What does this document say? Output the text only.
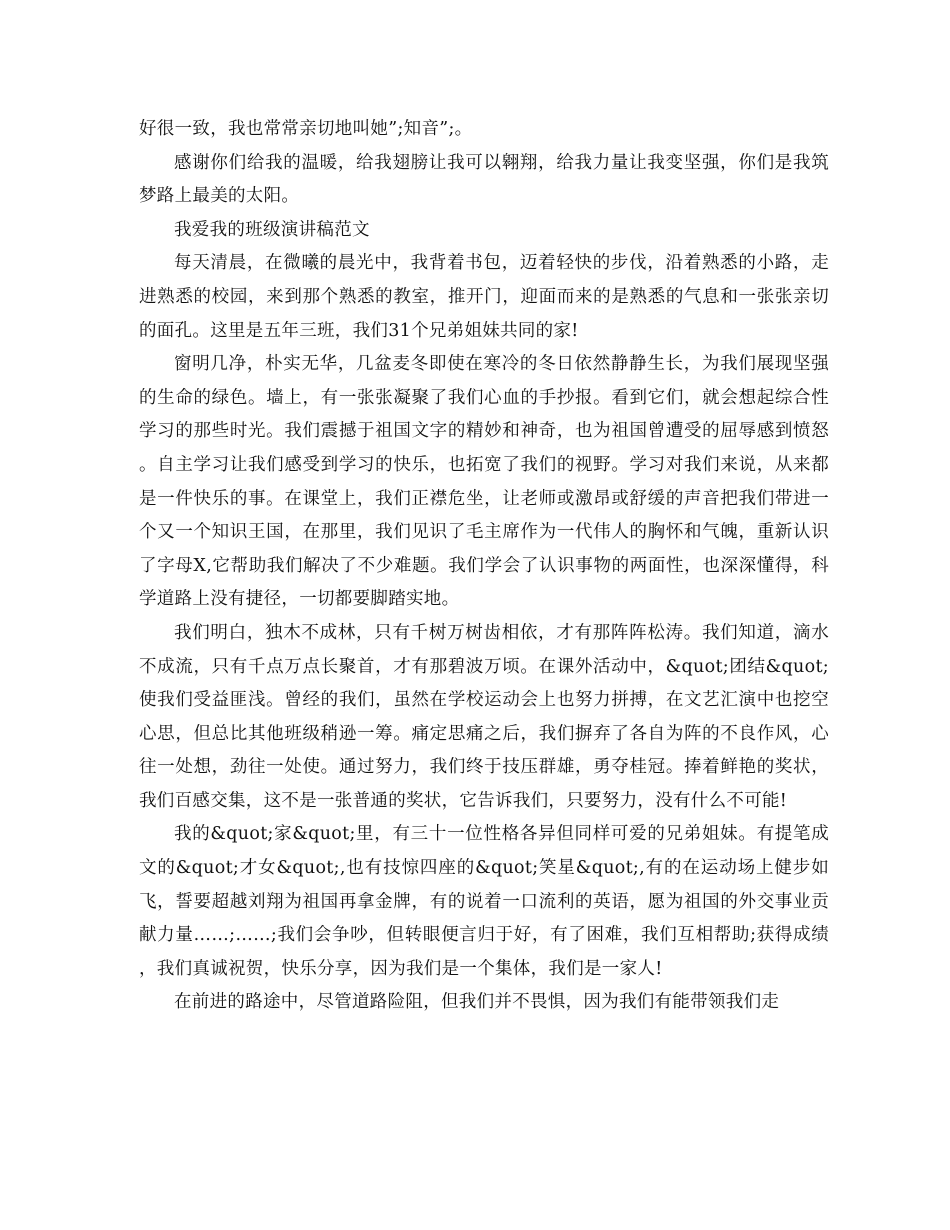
好很一致，我也常常亲切地叫她”;知音”;。

感谢你们给我的温暖，给我翅膀让我可以翱翔，给我力量让我变坚强，你们是我筑梦路上最美的太阳。

我爱我的班级演讲稿范文

每天清晨，在微曦的晨光中，我背着书包，迈着轻快的步伐，沿着熟悉的小路，走进熟悉的校园，来到那个熟悉的教室，推开门，迎面而来的是熟悉的气息和一张张亲切的面孔。这里是五年三班，我们31个兄弟姐妹共同的家!

窗明几净，朴实无华，几盆麦冬即使在寒冷的冬日依然静静生长，为我们展现坚强的生命的绿色。墙上，有一张张凝聚了我们心血的手抄报。看到它们，就会想起综合性学习的那些时光。我们震撼于祖国文字的精妙和神奇，也为祖国曾遭受的屈辱感到愤怒。自主学习让我们感受到学习的快乐，也拓宽了我们的视野。学习对我们来说，从来都是一件快乐的事。在课堂上，我们正襟危坐，让老师或激昂或舒缓的声音把我们带进一个又一个知识王国，在那里，我们见识了毛主席作为一代伟人的胸怀和气魄，重新认识了字母X,它帮助我们解决了不少难题。我们学会了认识事物的两面性，也深深懂得，科学道路上没有捷径，一切都要脚踏实地。

我们明白，独木不成林，只有千树万树齿相依，才有那阵阵松涛。我们知道，滴水不成流，只有千点万点长聚首，才有那碧波万顷。在课外活动中，&quot;团结&quot;使我们受益匪浅。曾经的我们，虽然在学校运动会上也努力拼搏，在文艺汇演中也挖空心思，但总比其他班级稍逊一筹。痛定思痛之后，我们摒弃了各自为阵的不良作风，心往一处想，劲往一处使。通过努力，我们终于技压群雄，勇夺桂冠。捧着鲜艳的奖状，我们百感交集，这不是一张普通的奖状，它告诉我们，只要努力，没有什么不可能!

我的&quot;家&quot;里，有三十一位性格各异但同样可爱的兄弟姐妹。有提笔成文的&quot;才女&quot;,也有技惊四座的&quot;笑星&quot;,有的在运动场上健步如飞，誓要超越刘翔为祖国再拿金牌，有的说着一口流利的英语，愿为祖国的外交事业贡献力量……;……;我们会争吵，但转眼便言归于好，有了困难，我们互相帮助;获得成绩，我们真诚祝贺，快乐分享，因为我们是一个集体，我们是一家人!

在前进的路途中，尽管道路险阻，但我们并不畏惧，因为我们有能带领我们走
